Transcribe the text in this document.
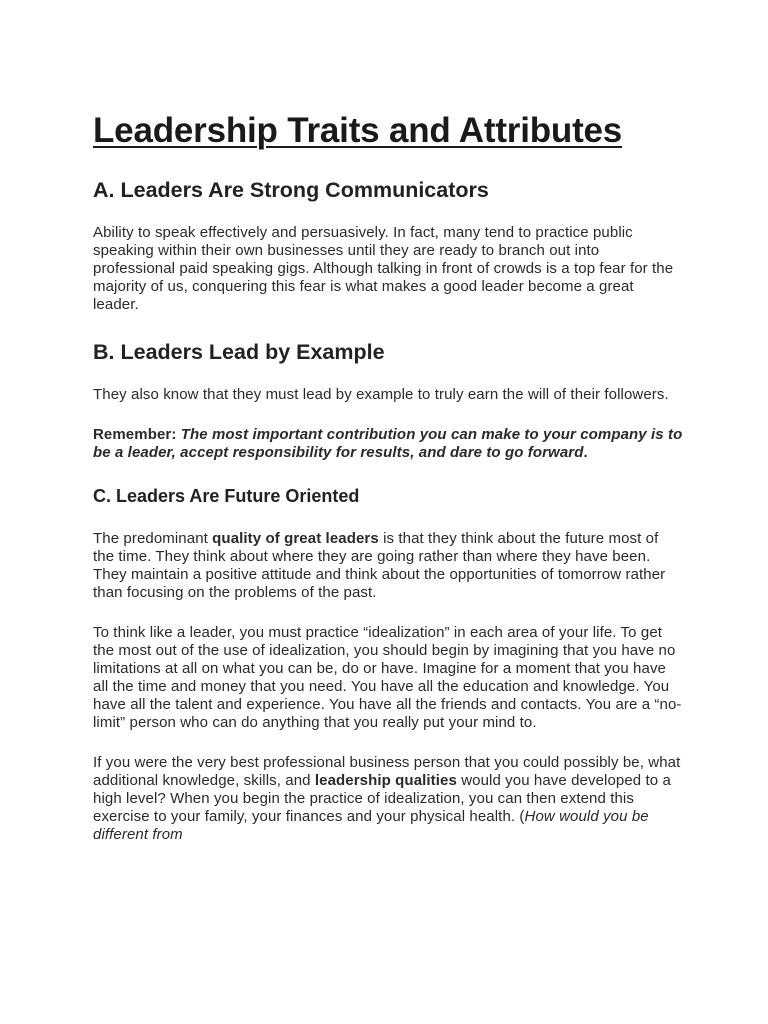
Leadership Traits and Attributes
A. Leaders Are Strong Communicators

Ability to speak effectively and persuasively. In fact, many tend to practice public speaking within their own businesses until they are ready to branch out into professional paid speaking gigs. Although talking in front of crowds is a top fear for the majority of us, conquering this fear is what makes a good leader become a great leader.

B. Leaders Lead by Example

They also know that they must lead by example to truly earn the will of their followers.

Remember: The most important contribution you can make to your company is to be a leader, accept responsibility for results, and dare to go forward.

C. Leaders Are Future Oriented

The predominant quality of great leaders is that they think about the future most of the time. They think about where they are going rather than where they have been. They maintain a positive attitude and think about the opportunities of tomorrow rather than focusing on the problems of the past.

To think like a leader, you must practice “idealization” in each area of your life. To get the most out of the use of idealization, you should begin by imagining that you have no limitations at all on what you can be, do or have. Imagine for a moment that you have all the time and money that you need. You have all the education and knowledge. You have all the talent and experience. You have all the friends and contacts. You are a “no-limit” person who can do anything that you really put your mind to.

If you were the very best professional business person that you could possibly be, what additional knowledge, skills, and leadership qualities would you have developed to a high level? When you begin the practice of idealization, you can then extend this exercise to your family, your finances and your physical health. (How would you be different from
